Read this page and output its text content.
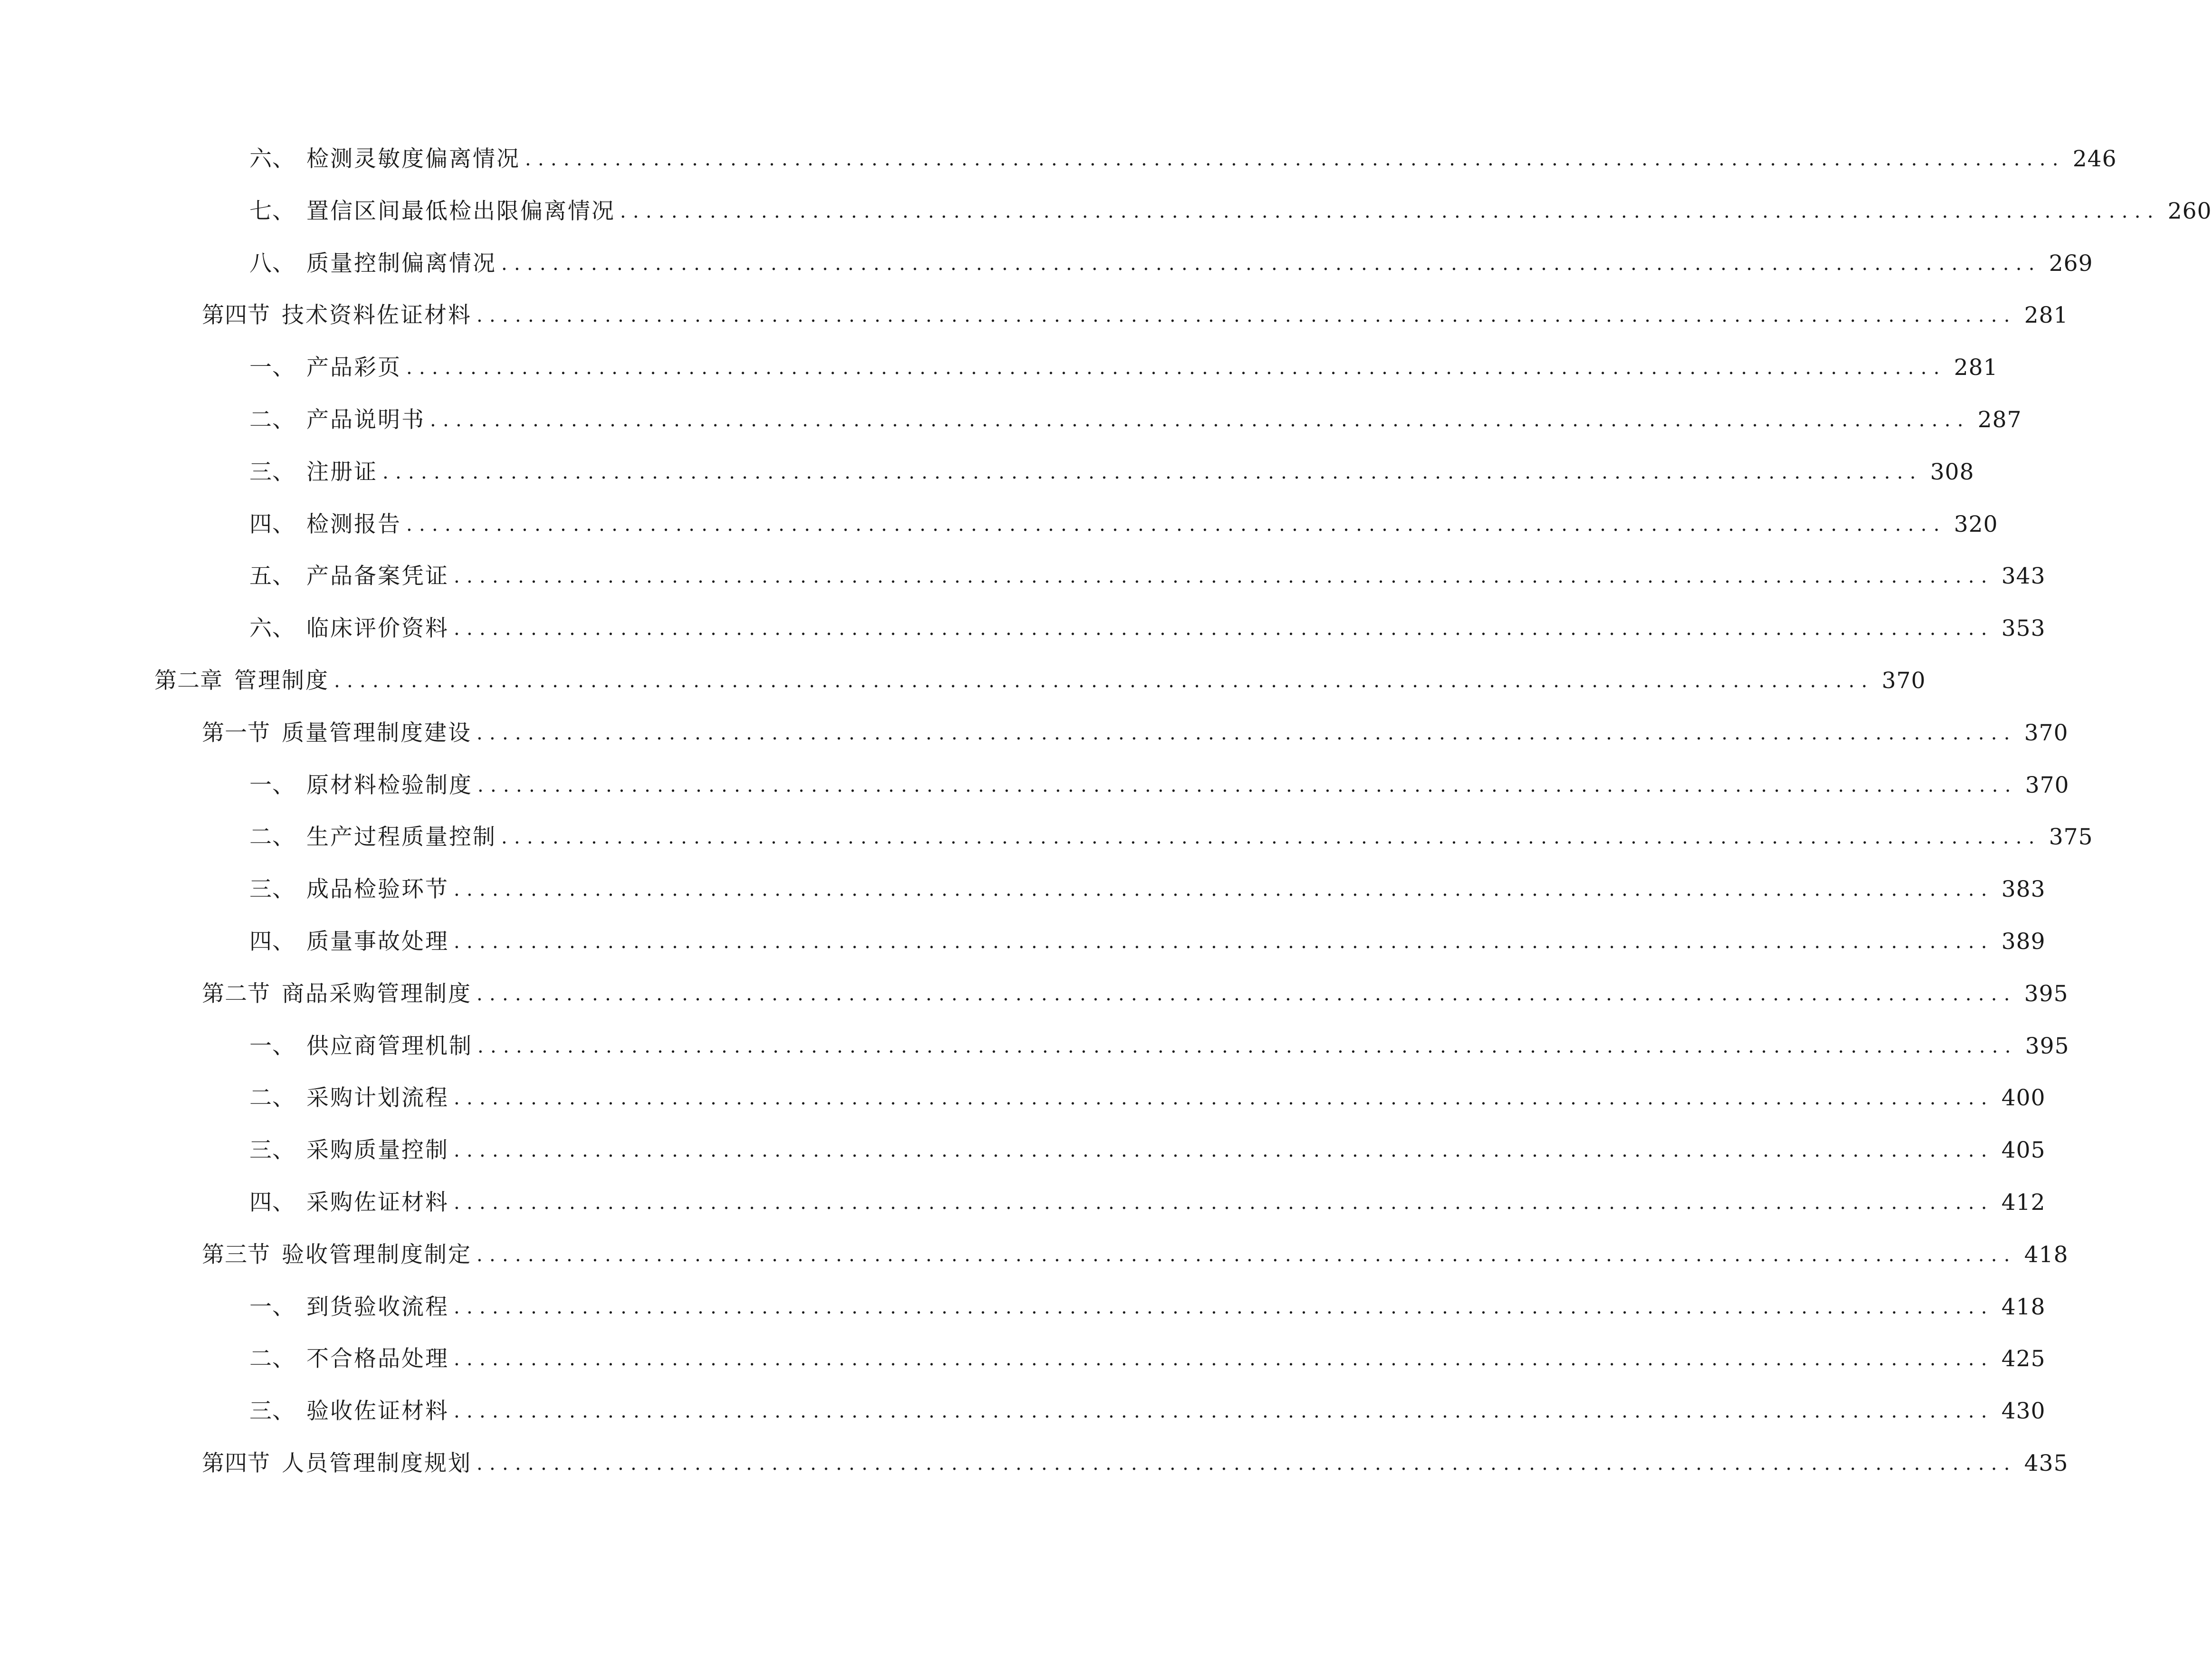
六、 检测灵敏度偏离情况 ........................................................................................................................ 246
七、 置信区间最低检出限偏离情况 ........................................................................................................................ 260
八、 质量控制偏离情况 ........................................................................................................................ 269
第四节 技术资料佐证材料 ........................................................................................................................ 281
一、 产品彩页 ........................................................................................................................ 281
二、 产品说明书 ........................................................................................................................ 287
三、 注册证 ........................................................................................................................ 308
四、 检测报告 ........................................................................................................................ 320
五、 产品备案凭证 ........................................................................................................................ 343
六、 临床评价资料 ........................................................................................................................ 353
第二章 管理制度 ........................................................................................................................ 370
第一节 质量管理制度建设 ........................................................................................................................ 370
一、 原材料检验制度 ........................................................................................................................ 370
二、 生产过程质量控制 ........................................................................................................................ 375
三、 成品检验环节 ........................................................................................................................ 383
四、 质量事故处理 ........................................................................................................................ 389
第二节 商品采购管理制度 ........................................................................................................................ 395
一、 供应商管理机制 ........................................................................................................................ 395
二、 采购计划流程 ........................................................................................................................ 400
三、 采购质量控制 ........................................................................................................................ 405
四、 采购佐证材料 ........................................................................................................................ 412
第三节 验收管理制度制定 ........................................................................................................................ 418
一、 到货验收流程 ........................................................................................................................ 418
二、 不合格品处理 ........................................................................................................................ 425
三、 验收佐证材料 ........................................................................................................................ 430
第四节 人员管理制度规划 ........................................................................................................................ 435
